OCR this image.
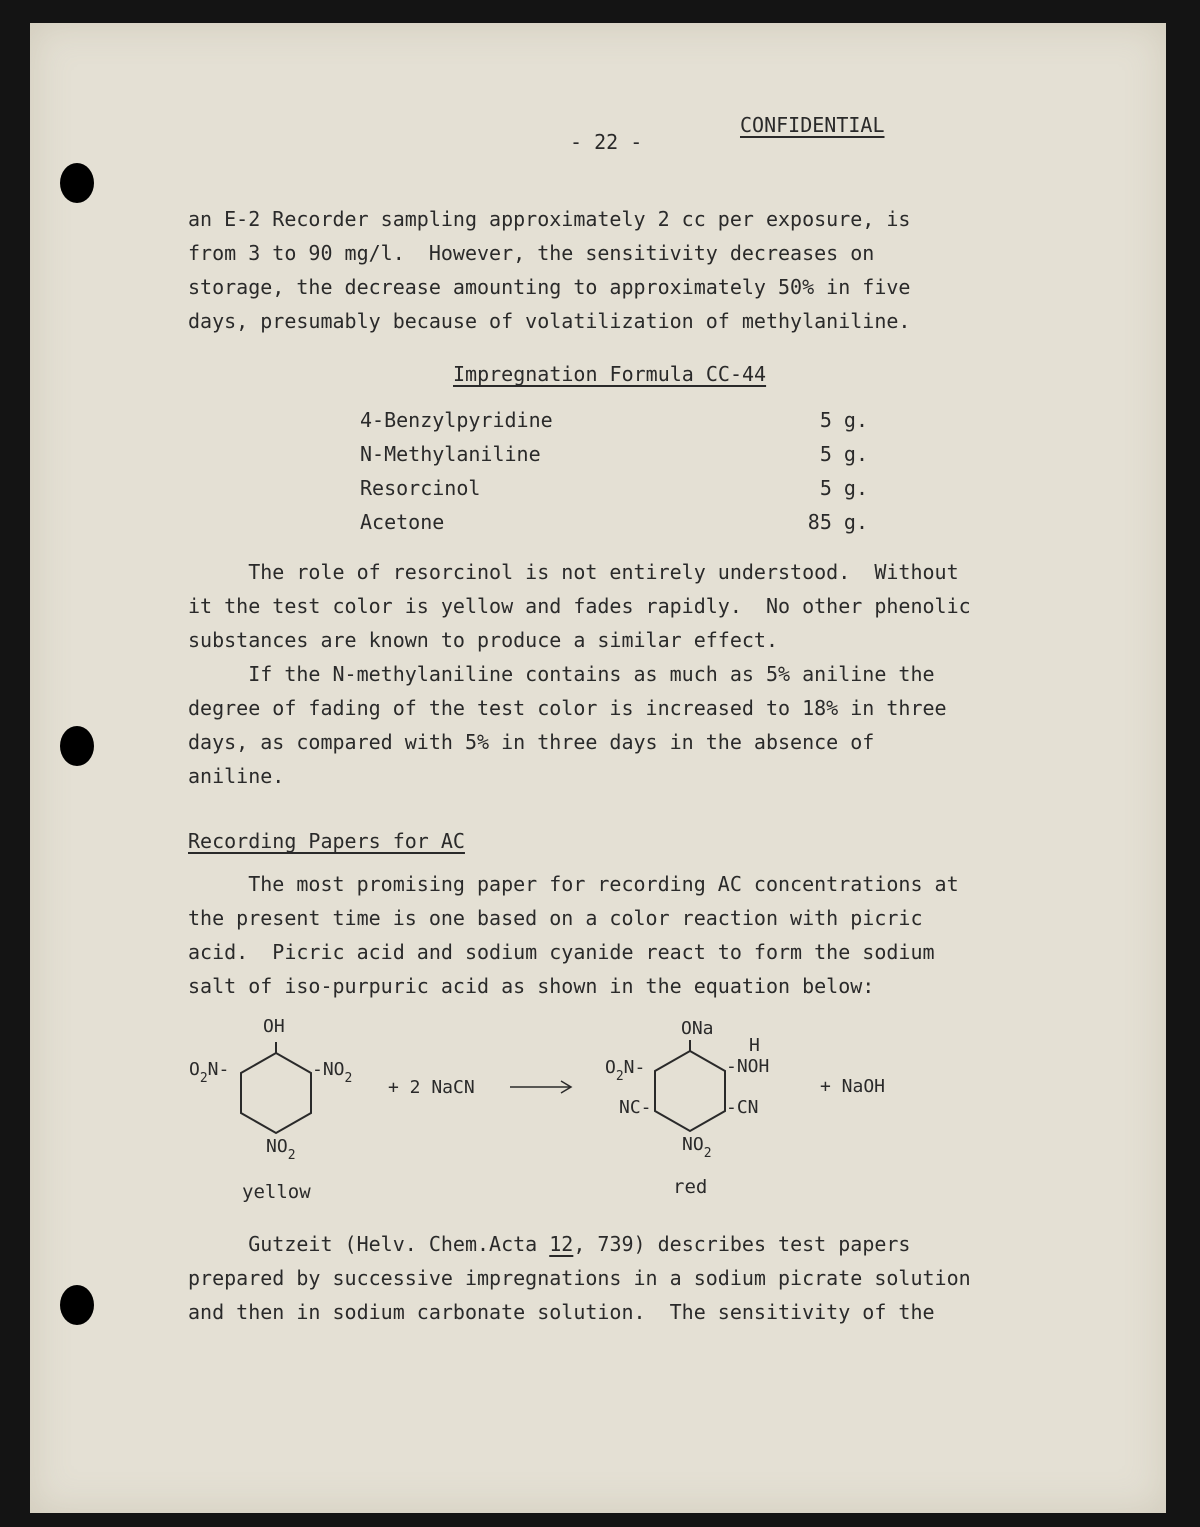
- 22 -
CONFIDENTIAL
an E-2 Recorder sampling approximately 2 cc per exposure, is
from 3 to 90 mg/l.  However, the sensitivity decreases on
storage, the decrease amounting to approximately 50% in five
days, presumably because of volatilization of methylaniline.
Impregnation Formula CC-44
4-Benzylpyridine	5 g.
N-Methylaniline	5 g.
Resorcinol	5 g.
Acetone	85 g.
The role of resorcinol is not entirely understood.  Without
it the test color is yellow and fades rapidly.  No other phenolic
substances are known to produce a similar effect.
If the N-methylaniline contains as much as 5% aniline the
degree of fading of the test color is increased to 18% in three
days, as compared with 5% in three days in the absence of
aniline.
Recording Papers for AC
The most promising paper for recording AC concentrations at
the present time is one based on a color reaction with picric
acid.  Picric acid and sodium cyanide react to form the sodium
salt of iso-purpuric acid as shown in the equation below:
OH
$O_2N-$	$-NO_2$
$NO_2$
yellow
+ 2 NaCN
ONa
H
$O_2N-$	-NOH
NC-	-CN
$NO_2$
red
+ NaOH
Gutzeit (Helv. Chem.Acta 12, 739) describes test papers
prepared by successive impregnations in a sodium picrate solution
and then in sodium carbonate solution.  The sensitivity of the
